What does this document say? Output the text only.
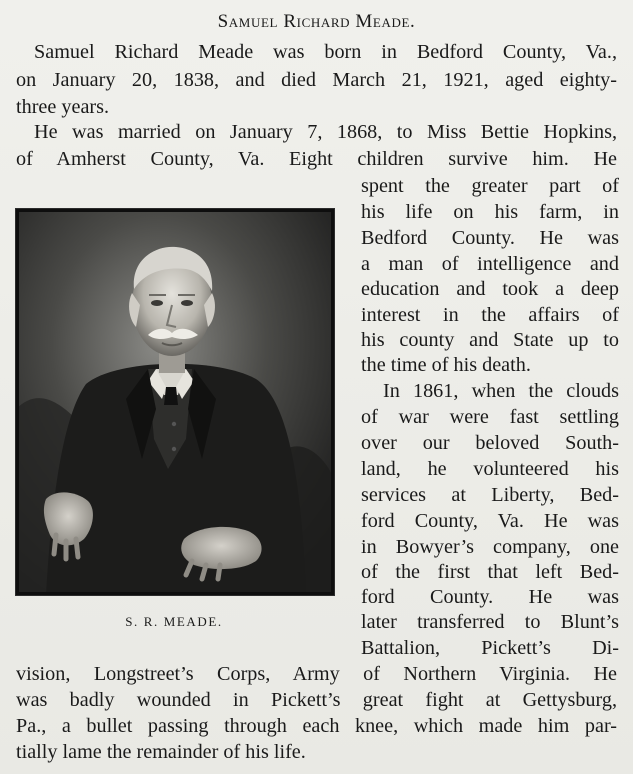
Samuel Richard Meade.
Samuel Richard Meade was born in Bedford County, Va.,
on January 20, 1838, and died March 21, 1921, aged eighty-
three years.
He was married on January 7, 1868, to Miss Bettie Hopkins,
of Amherst County, Va. Eight children survive him. He
spent the greater part of
his life on his farm, in
Bedford County. He was
a man of intelligence and
education and took a deep
interest in the affairs of
his county and State up to
the time of his death.
In 1861, when the clouds
of war were fast settling
over our beloved South-
land, he volunteered his
services at Liberty, Bed-
ford County, Va. He was
in Bowyer’s company, one
of the first that left Bed-
ford County. He was
later transferred to Blunt’s
Battalion, Pickett’s Di-
vision, Longstreet’s Corps, Army of Northern Virginia. He
was badly wounded in Pickett’s great fight at Gettysburg,
Pa., a bullet passing through each knee, which made him par-
tially lame the remainder of his life.
S. R. MEADE.
